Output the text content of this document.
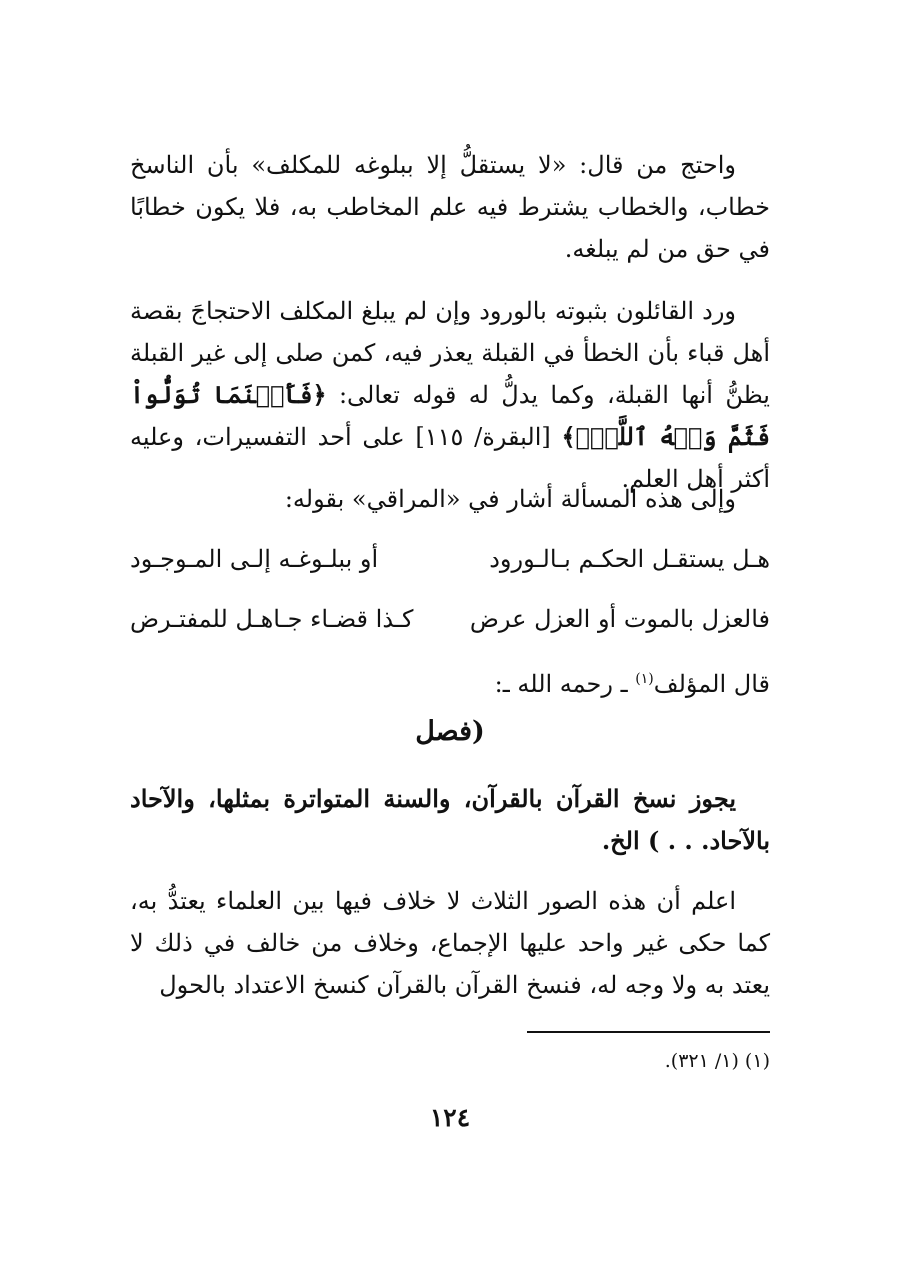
واحتج من قال: «لا يستقلُّ إلا ببلوغه للمكلف» بأن الناسخ خطاب، والخطاب يشترط فيه علم المخاطب به، فلا يكون خطابًا في حق من لم يبلغه.

ورد القائلون بثبوته بالورود وإن لم يبلغ المكلف الاحتجاجَ بقصة أهل قباء بأن الخطأ في القبلة يعذر فيه، كمن صلى إلى غير القبلة يظنُّ أنها القبلة، وكما يدلُّ له قوله تعالى: ﴿فَأَيۡنَمَا تُوَلُّواْ فَثَمَّ وَجۡهُ ٱللَّهِۚ﴾ [البقرة/ ١١٥] على أحد التفسيرات، وعليه أكثر أهل العلم.

وإلى هذه المسألة أشار في «المراقي» بقوله:

هـل يستقـل الحكـم بـالـورود
أو ببلـوغـه إلـى المـوجـود
فالعزل بالموت أو العزل عرض
كـذا قضـاء جـاهـل للمفتـرض

قال المؤلف$^{(١)}$ ـ رحمه الله ـ:

(فصل

يجوز نسخ القرآن بالقرآن، والسنة المتواترة بمثلها، والآحاد بالآحاد. . . ) الخ.

اعلم أن هذه الصور الثلاث لا خلاف فيها بين العلماء يعتدُّ به، كما حكى غير واحد عليها الإجماع، وخلاف من خالف في ذلك لا يعتد به ولا وجه له، فنسخ القرآن بالقرآن كنسخ الاعتداد بالحول

(١) (١/ ٣٢١).
١٢٤
